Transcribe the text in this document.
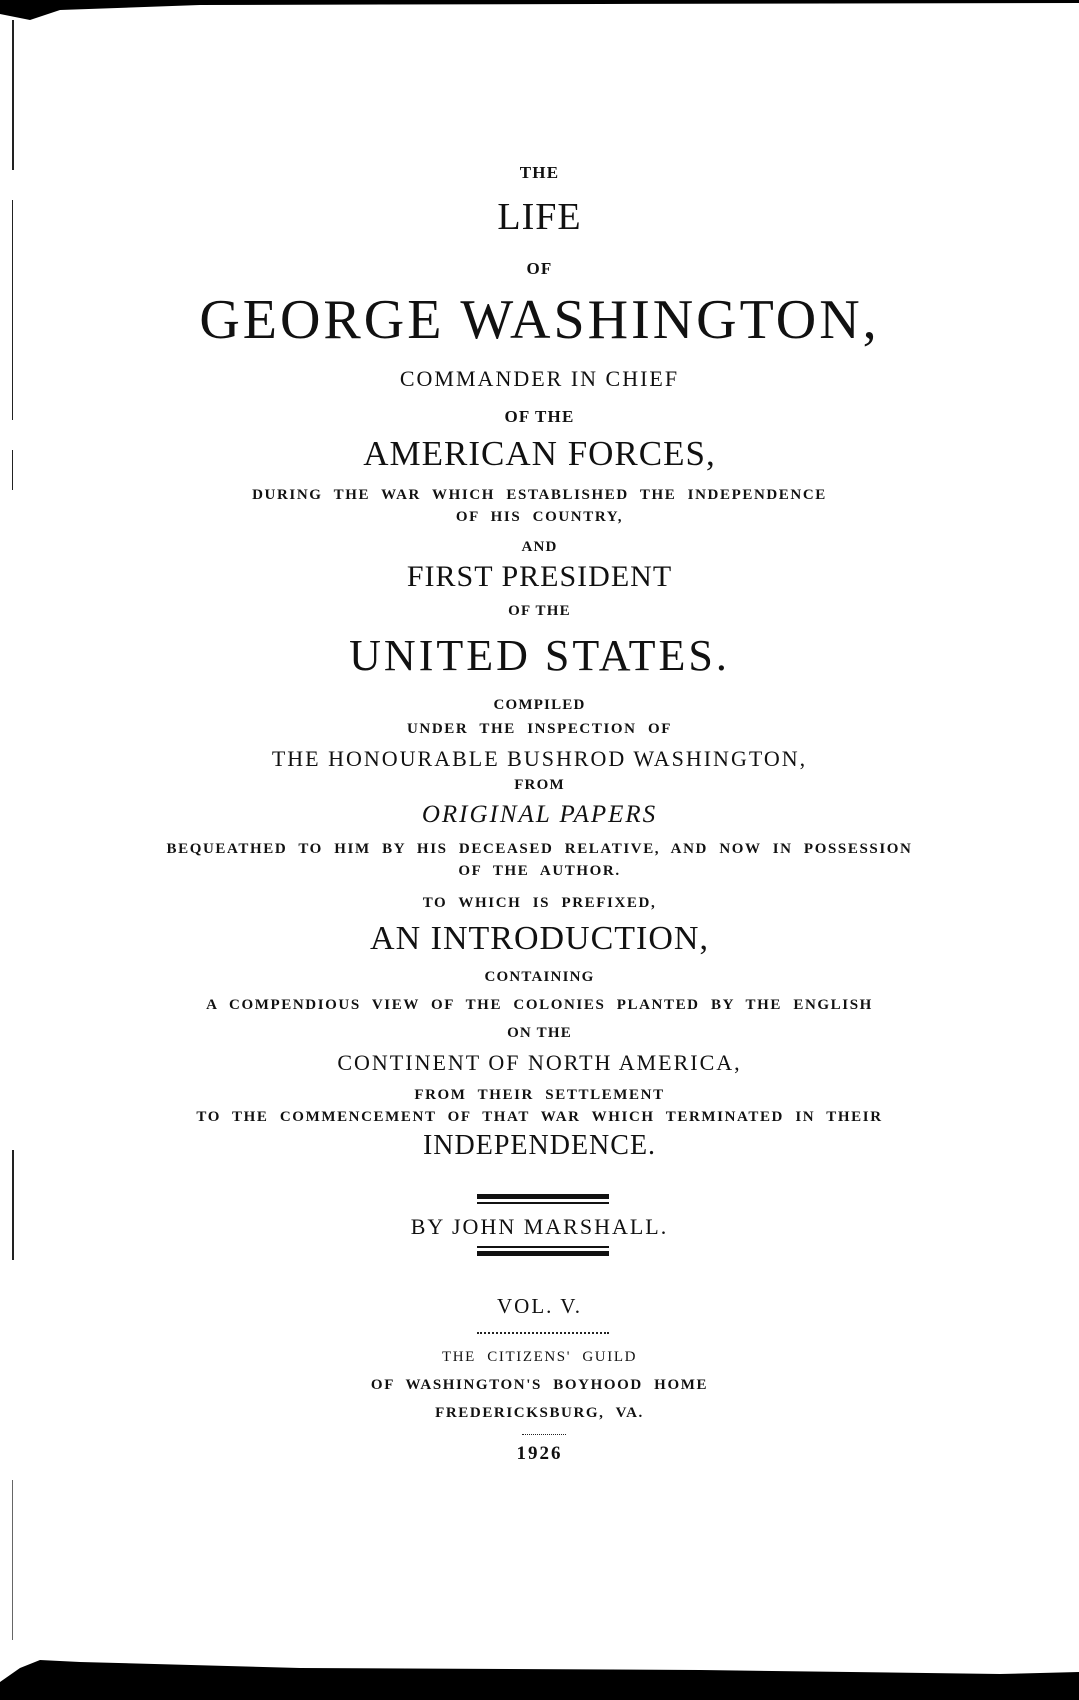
THE
LIFE
OF
GEORGE WASHINGTON,
COMMANDER IN CHIEF
OF THE
AMERICAN FORCES,
DURING THE WAR WHICH ESTABLISHED THE INDEPENDENCE
OF HIS COUNTRY,
AND
FIRST PRESIDENT
OF THE
UNITED STATES.
COMPILED
UNDER THE INSPECTION OF
THE HONOURABLE BUSHROD WASHINGTON,
FROM
ORIGINAL PAPERS
BEQUEATHED TO HIM BY HIS DECEASED RELATIVE, AND NOW IN POSSESSION
OF THE AUTHOR.
TO WHICH IS PREFIXED,
AN INTRODUCTION,
CONTAINING
A COMPENDIOUS VIEW OF THE COLONIES PLANTED BY THE ENGLISH
ON THE
CONTINENT OF NORTH AMERICA,
FROM THEIR SETTLEMENT
TO THE COMMENCEMENT OF THAT WAR WHICH TERMINATED IN THEIR
INDEPENDENCE.
BY JOHN MARSHALL.
VOL. V.
THE CITIZENS' GUILD
OF WASHINGTON'S BOYHOOD HOME
FREDERICKSBURG, VA.
1926
